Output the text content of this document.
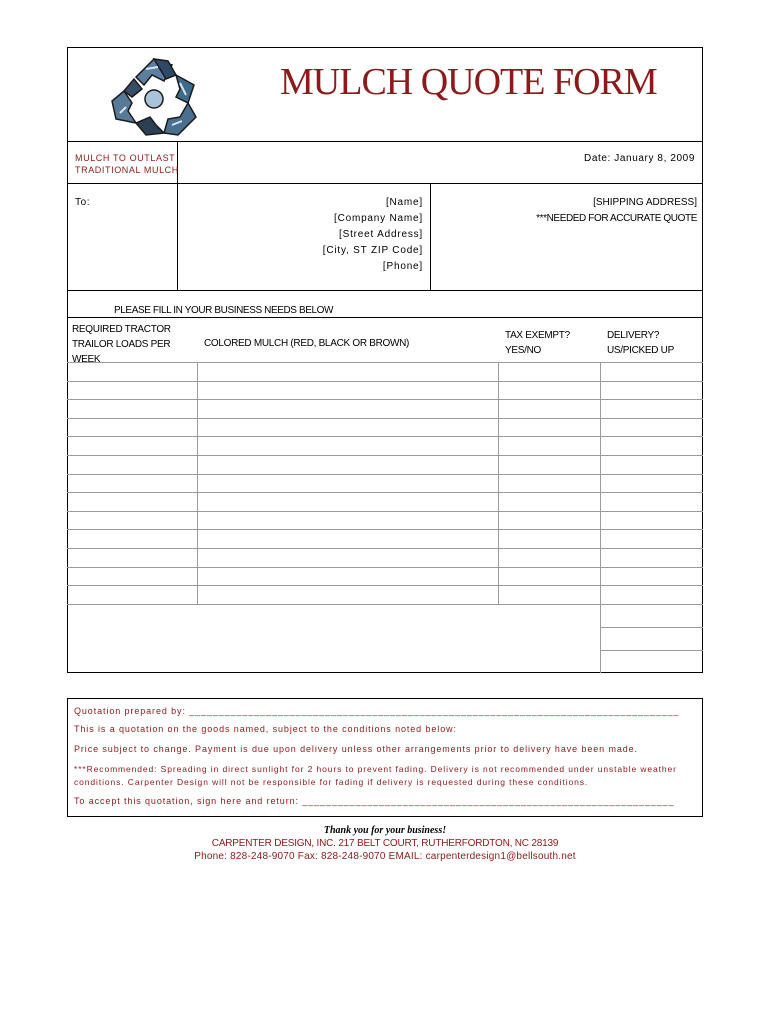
MULCH QUOTE FORM
MULCH TO OUTLAST
TRADITIONAL MULCH
Date: January 8, 2009
To:	[Name]
[Company Name]
[Street Address]
[City, ST ZIP Code]
[Phone]
[SHIPPING ADDRESS]
***NEEDED FOR ACCURATE QUOTE
PLEASE FILL IN YOUR BUSINESS NEEDS BELOW
REQUIRED TRACTOR
TRAILOR LOADS PER
WEEK
COLORED MULCH (RED, BLACK OR BROWN)
TAX EXEMPT?
YES/NO
DELIVERY?
US/PICKED UP
Quotation prepared by: ___________________________________________________________________________________
This is a quotation on the goods named, subject to the conditions noted below:
Price subject to change. Payment is due upon delivery unless other arrangements prior to delivery have been made.
***Recommended: Spreading in direct sunlight for 2 hours to prevent fading. Delivery is not recommended under unstable weather
conditions. Carpenter Design will not be responsible for fading if delivery is requested during these conditions.
To accept this quotation, sign here and return: _______________________________________________________________
Thank you for your business!
CARPENTER DESIGN, INC. 217 BELT COURT, RUTHERFORDTON, NC 28139
Phone: 828-248-9070 Fax: 828-248-9070 EMAIL: carpenterdesign1@bellsouth.net
